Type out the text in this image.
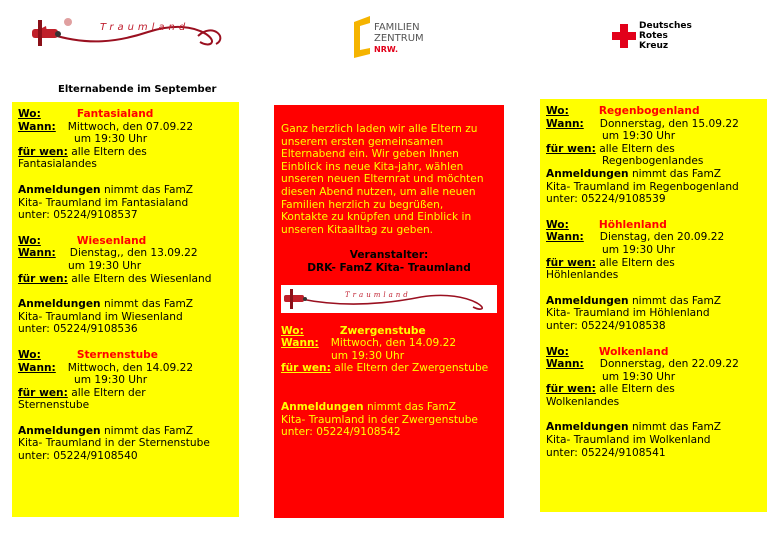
Traumland	FAMILIEN
ZENTRUM
NRW.
Deutsches
Rotes
Kreuz
Elternabende im September
Wo:	Fantasialand
Wann: Mittwoch, den 07.09.22
um 19:30 Uhr
für wen: alle Eltern des
Fantasialandes
Anmeldungen nimmt das FamZ
Kita- Traumland im Fantasialand
unter: 05224/9108537
Wo:	Wiesenland
Wann: Dienstag,, den 13.09.22
um 19:30 Uhr
für wen: alle Eltern des Wiesenland
Anmeldungen nimmt das FamZ
Kita- Traumland im Wiesenland
unter: 05224/9108536
Wo:	Sternenstube
Wann: Mittwoch, den 14.09.22
um 19:30 Uhr
für wen: alle Eltern der
Sternenstube
Anmeldungen nimmt das FamZ
Kita- Traumland in der Sternenstube
unter: 05224/9108540
Ganz herzlich laden wir alle Eltern zu
unserem ersten gemeinsamen
Elternabend ein. Wir geben Ihnen
Einblick ins neue Kita-jahr, wählen
unseren neuen Elternrat und möchten
diesen Abend nutzen, um alle neuen
Familien herzlich zu begrüßen,
Kontakte zu knüpfen und Einblick in
unseren Kitaalltag zu geben.
Veranstalter:
DRK- FamZ Kita- Traumland
Traumland
Wo:	Zwergenstube
Wann: Mittwoch, den 14.09.22
um 19:30 Uhr
für wen: alle Eltern der Zwergenstube
Anmeldungen nimmt das FamZ
Kita- Traumland in der Zwergenstube
unter: 05224/9108542
Wo:	Regenbogenland
Wann: Donnerstag, den 15.09.22
um 19:30 Uhr
für wen: alle Eltern des
Regenbogenlandes
Anmeldungen nimmt das FamZ
Kita- Traumland im Regenbogenland
unter: 05224/9108539
Wo:	Höhlenland
Wann: Dienstag, den 20.09.22
um 19:30 Uhr
für wen: alle Eltern des
Höhlenlandes
Anmeldungen nimmt das FamZ
Kita- Traumland im Höhlenland
unter: 05224/9108538
Wo:	Wolkenland
Wann: Donnerstag, den 22.09.22
um 19:30 Uhr
für wen: alle Eltern des
Wolkenlandes
Anmeldungen nimmt das FamZ
Kita- Traumland im Wolkenland
unter: 05224/9108541
